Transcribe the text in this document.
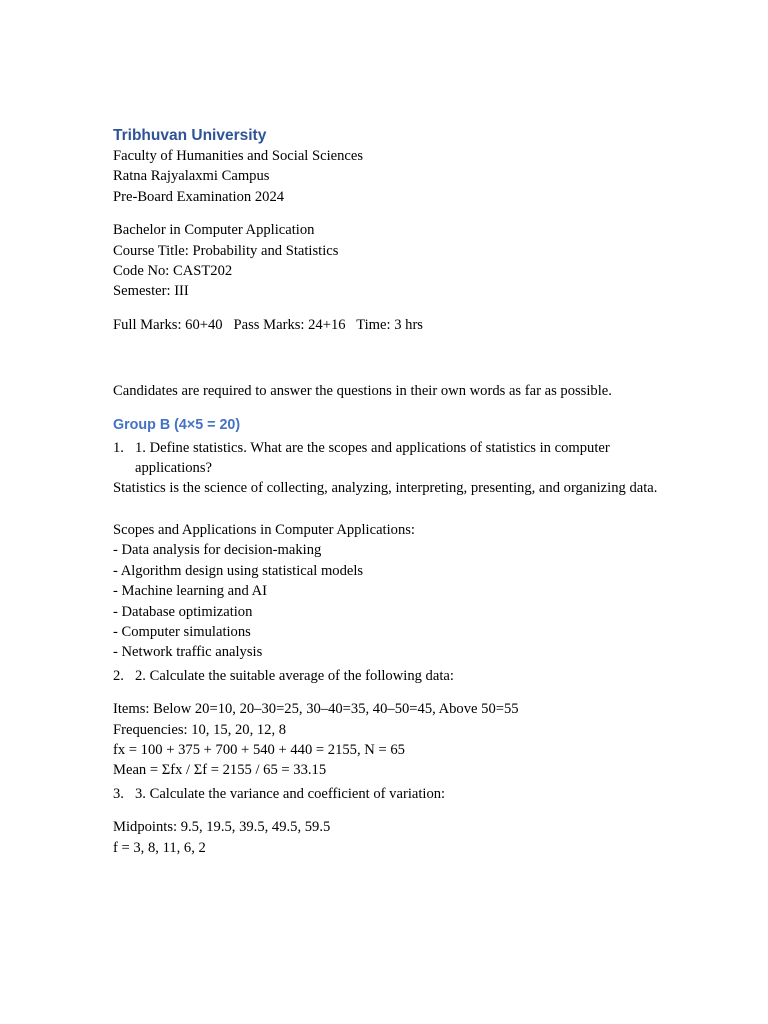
Tribhuvan University
Faculty of Humanities and Social Sciences
Ratna Rajyalaxmi Campus
Pre-Board Examination 2024
Bachelor in Computer Application
Course Title: Probability and Statistics
Code No: CAST202
Semester: III
Full Marks: 60+40   Pass Marks: 24+16   Time: 3 hrs
Candidates are required to answer the questions in their own words as far as possible.
Group B (4×5 = 20)
1. 1. Define statistics. What are the scopes and applications of statistics in computer applications?
Statistics is the science of collecting, analyzing, interpreting, presenting, and organizing data.
Scopes and Applications in Computer Applications:
- Data analysis for decision-making
- Algorithm design using statistical models
- Machine learning and AI
- Database optimization
- Computer simulations
- Network traffic analysis
2. 2. Calculate the suitable average of the following data:
Items: Below 20=10, 20–30=25, 30–40=35, 40–50=45, Above 50=55
Frequencies: 10, 15, 20, 12, 8
fx = 100 + 375 + 700 + 540 + 440 = 2155, N = 65
Mean = Σfx / Σf = 2155 / 65 = 33.15
3. 3. Calculate the variance and coefficient of variation:
Midpoints: 9.5, 19.5, 39.5, 49.5, 59.5
f = 3, 8, 11, 6, 2
